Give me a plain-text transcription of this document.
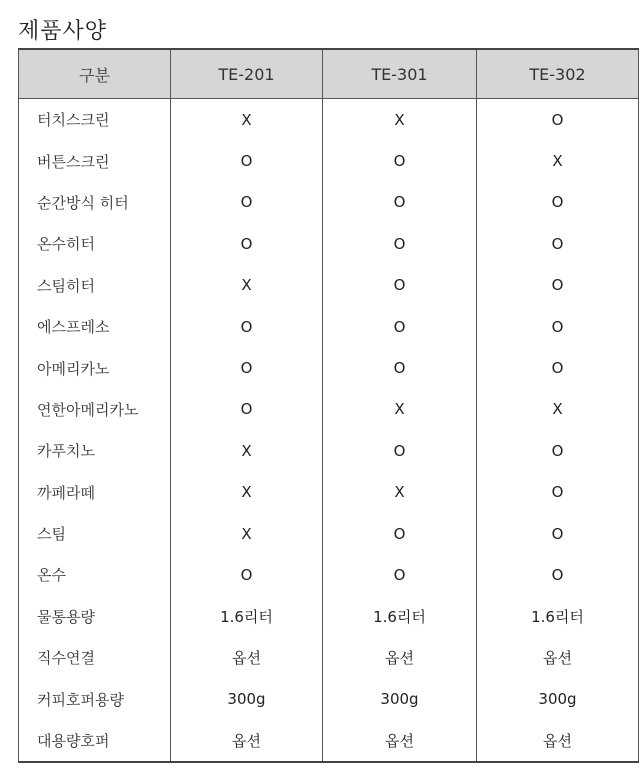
제품사양
구분	TE-201	TE-301	TE-302
터치스크린	X	X	O
버튼스크린	O	O	X
순간방식 히터	O	O	O
온수히터	O	O	O
스팀히터	X	O	O
에스프레소	O	O	O
아메리카노	O	O	O
연한아메리카노	O	X	X
카푸치노	X	O	O
까페라떼	X	X	O
스팀	X	O	O
온수	O	O	O
물통용량	1.6리터	1.6리터	1.6리터
직수연결	옵션	옵션	옵션
커피호퍼용량	300g	300g	300g
대용량호퍼	옵션	옵션	옵션
